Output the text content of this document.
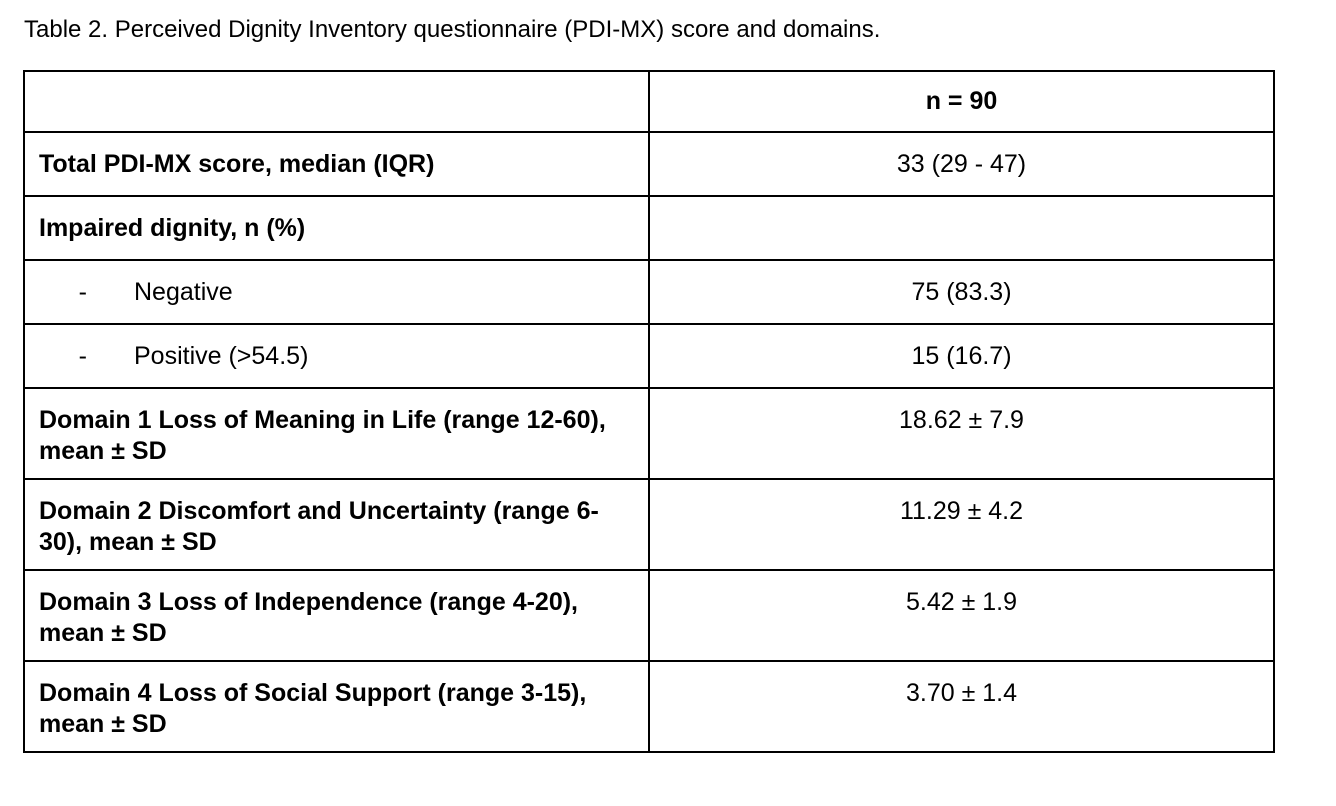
Table 2. Perceived Dignity Inventory questionnaire (PDI-MX) score and domains.
	n = 90
Total PDI-MX score, median (IQR)	33 (29 - 47)
Impaired dignity, n (%)	
- Negative	75 (83.3)
- Positive (>54.5)	15 (16.7)
Domain 1 Loss of Meaning in Life (range 12-60), mean ± SD	18.62 ± 7.9
Domain 2 Discomfort and Uncertainty (range 6-30), mean ± SD	11.29 ± 4.2
Domain 3 Loss of Independence (range 4-20), mean ± SD	5.42 ± 1.9
Domain 4 Loss of Social Support (range 3-15), mean ± SD	3.70 ± 1.4
